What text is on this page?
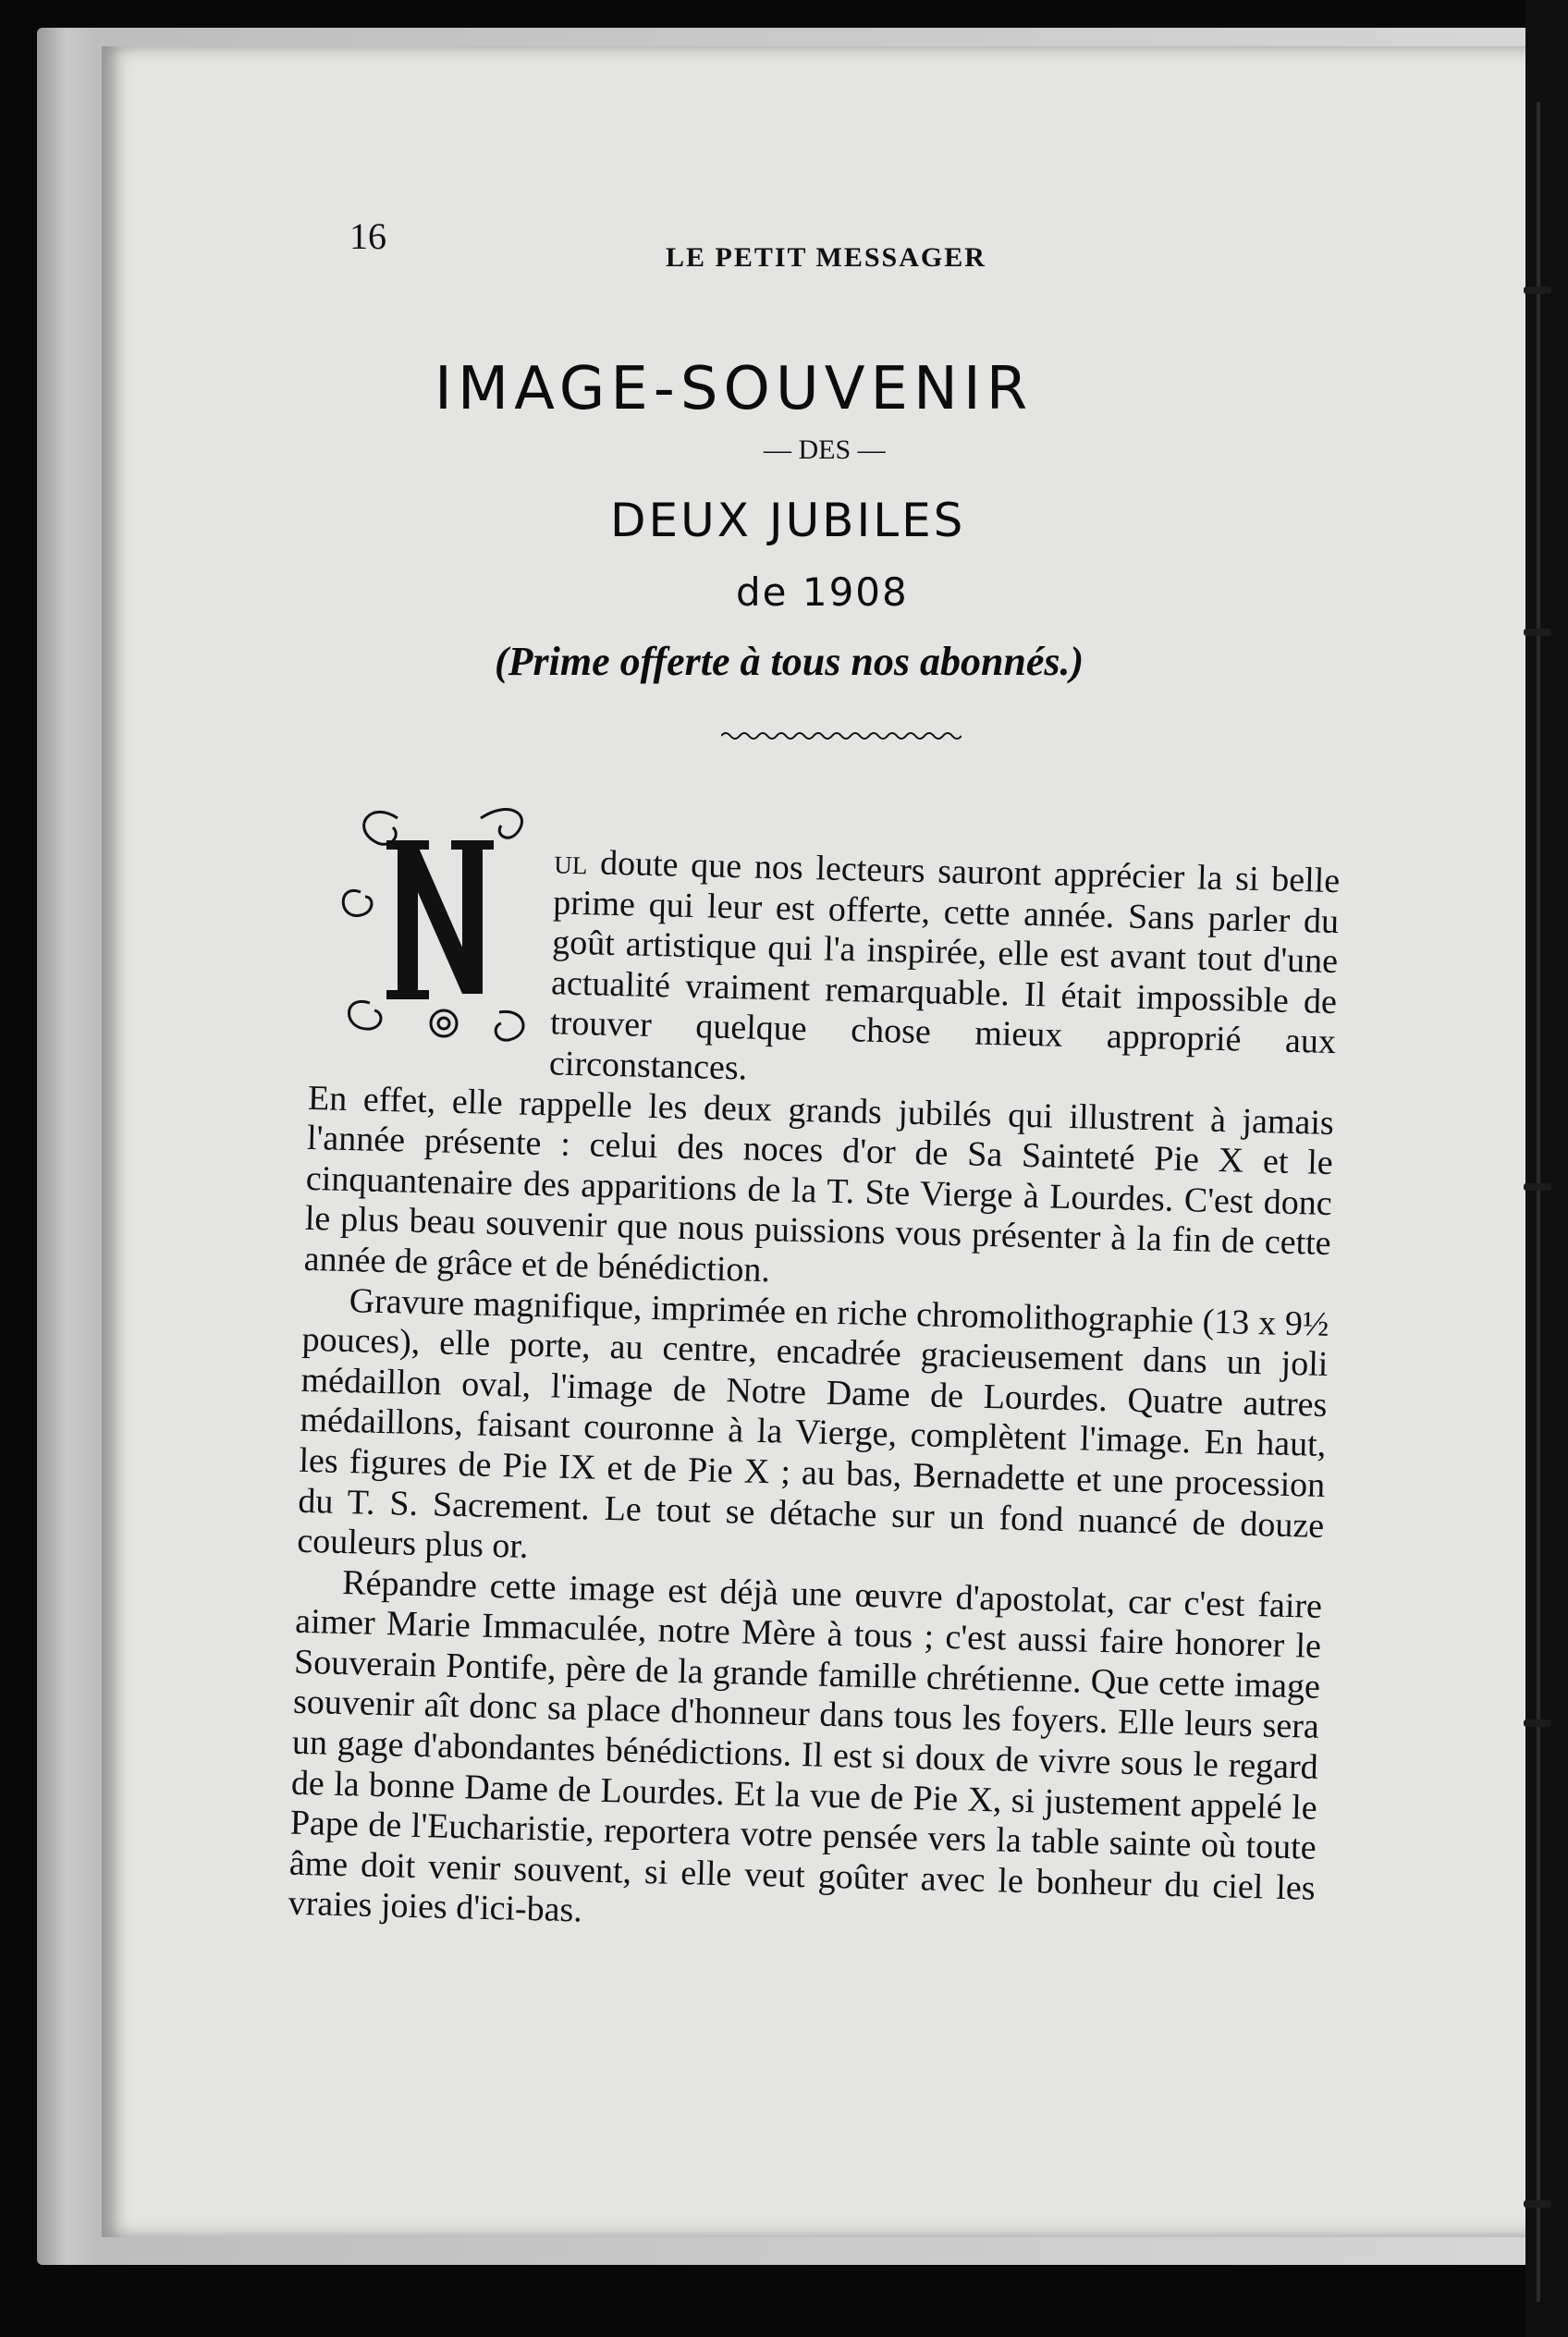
16
LE PETIT MESSAGER
IMAGE-SOUVENIR
— DES —
DEUX JUBILES
de 1908
(Prime offerte à tous nos abonnés.)
N

ul doute que nos lecteurs sauront apprécier la si belle prime qui leur est offerte, cette année. Sans parler du goût artistique qui l'a inspirée, elle est avant tout d'une actualité vraiment remarquable. Il était impossible de trouver quelque chose mieux approprié aux circonstances.
En effet, elle rappelle les deux grands jubilés qui illustrent à jamais l'année présente : celui des noces d'or de Sa Sainteté Pie X et le cinquantenaire des apparitions de la T. Ste Vierge à Lourdes. C'est donc le plus beau souvenir que nous puissions vous présenter à la fin de cette année de grâce et de bénédiction.

Gravure magnifique, imprimée en riche chromolithographie (13 x 9½ pouces), elle porte, au centre, encadrée gracieusement dans un joli médaillon oval, l'image de Notre Dame de Lourdes. Quatre autres médaillons, faisant couronne à la Vierge, complètent l'image. En haut, les figures de Pie IX et de Pie X ; au bas, Bernadette et une procession du T. S. Sacrement. Le tout se détache sur un fond nuancé de douze couleurs plus or.

Répandre cette image est déjà une œuvre d'apostolat, car c'est faire aimer Marie Immaculée, notre Mère à tous ; c'est aussi faire honorer le Souverain Pontife, père de la grande famille chrétienne. Que cette image souvenir aît donc sa place d'honneur dans tous les foyers. Elle leurs sera un gage d'abondantes bénédictions. Il est si doux de vivre sous le regard de la bonne Dame de Lourdes. Et la vue de Pie X, si justement appelé le Pape de l'Eucharistie, reportera votre pensée vers la table sainte où toute âme doit venir souvent, si elle veut goûter avec le bonheur du ciel les vraies joies d'ici-bas.
